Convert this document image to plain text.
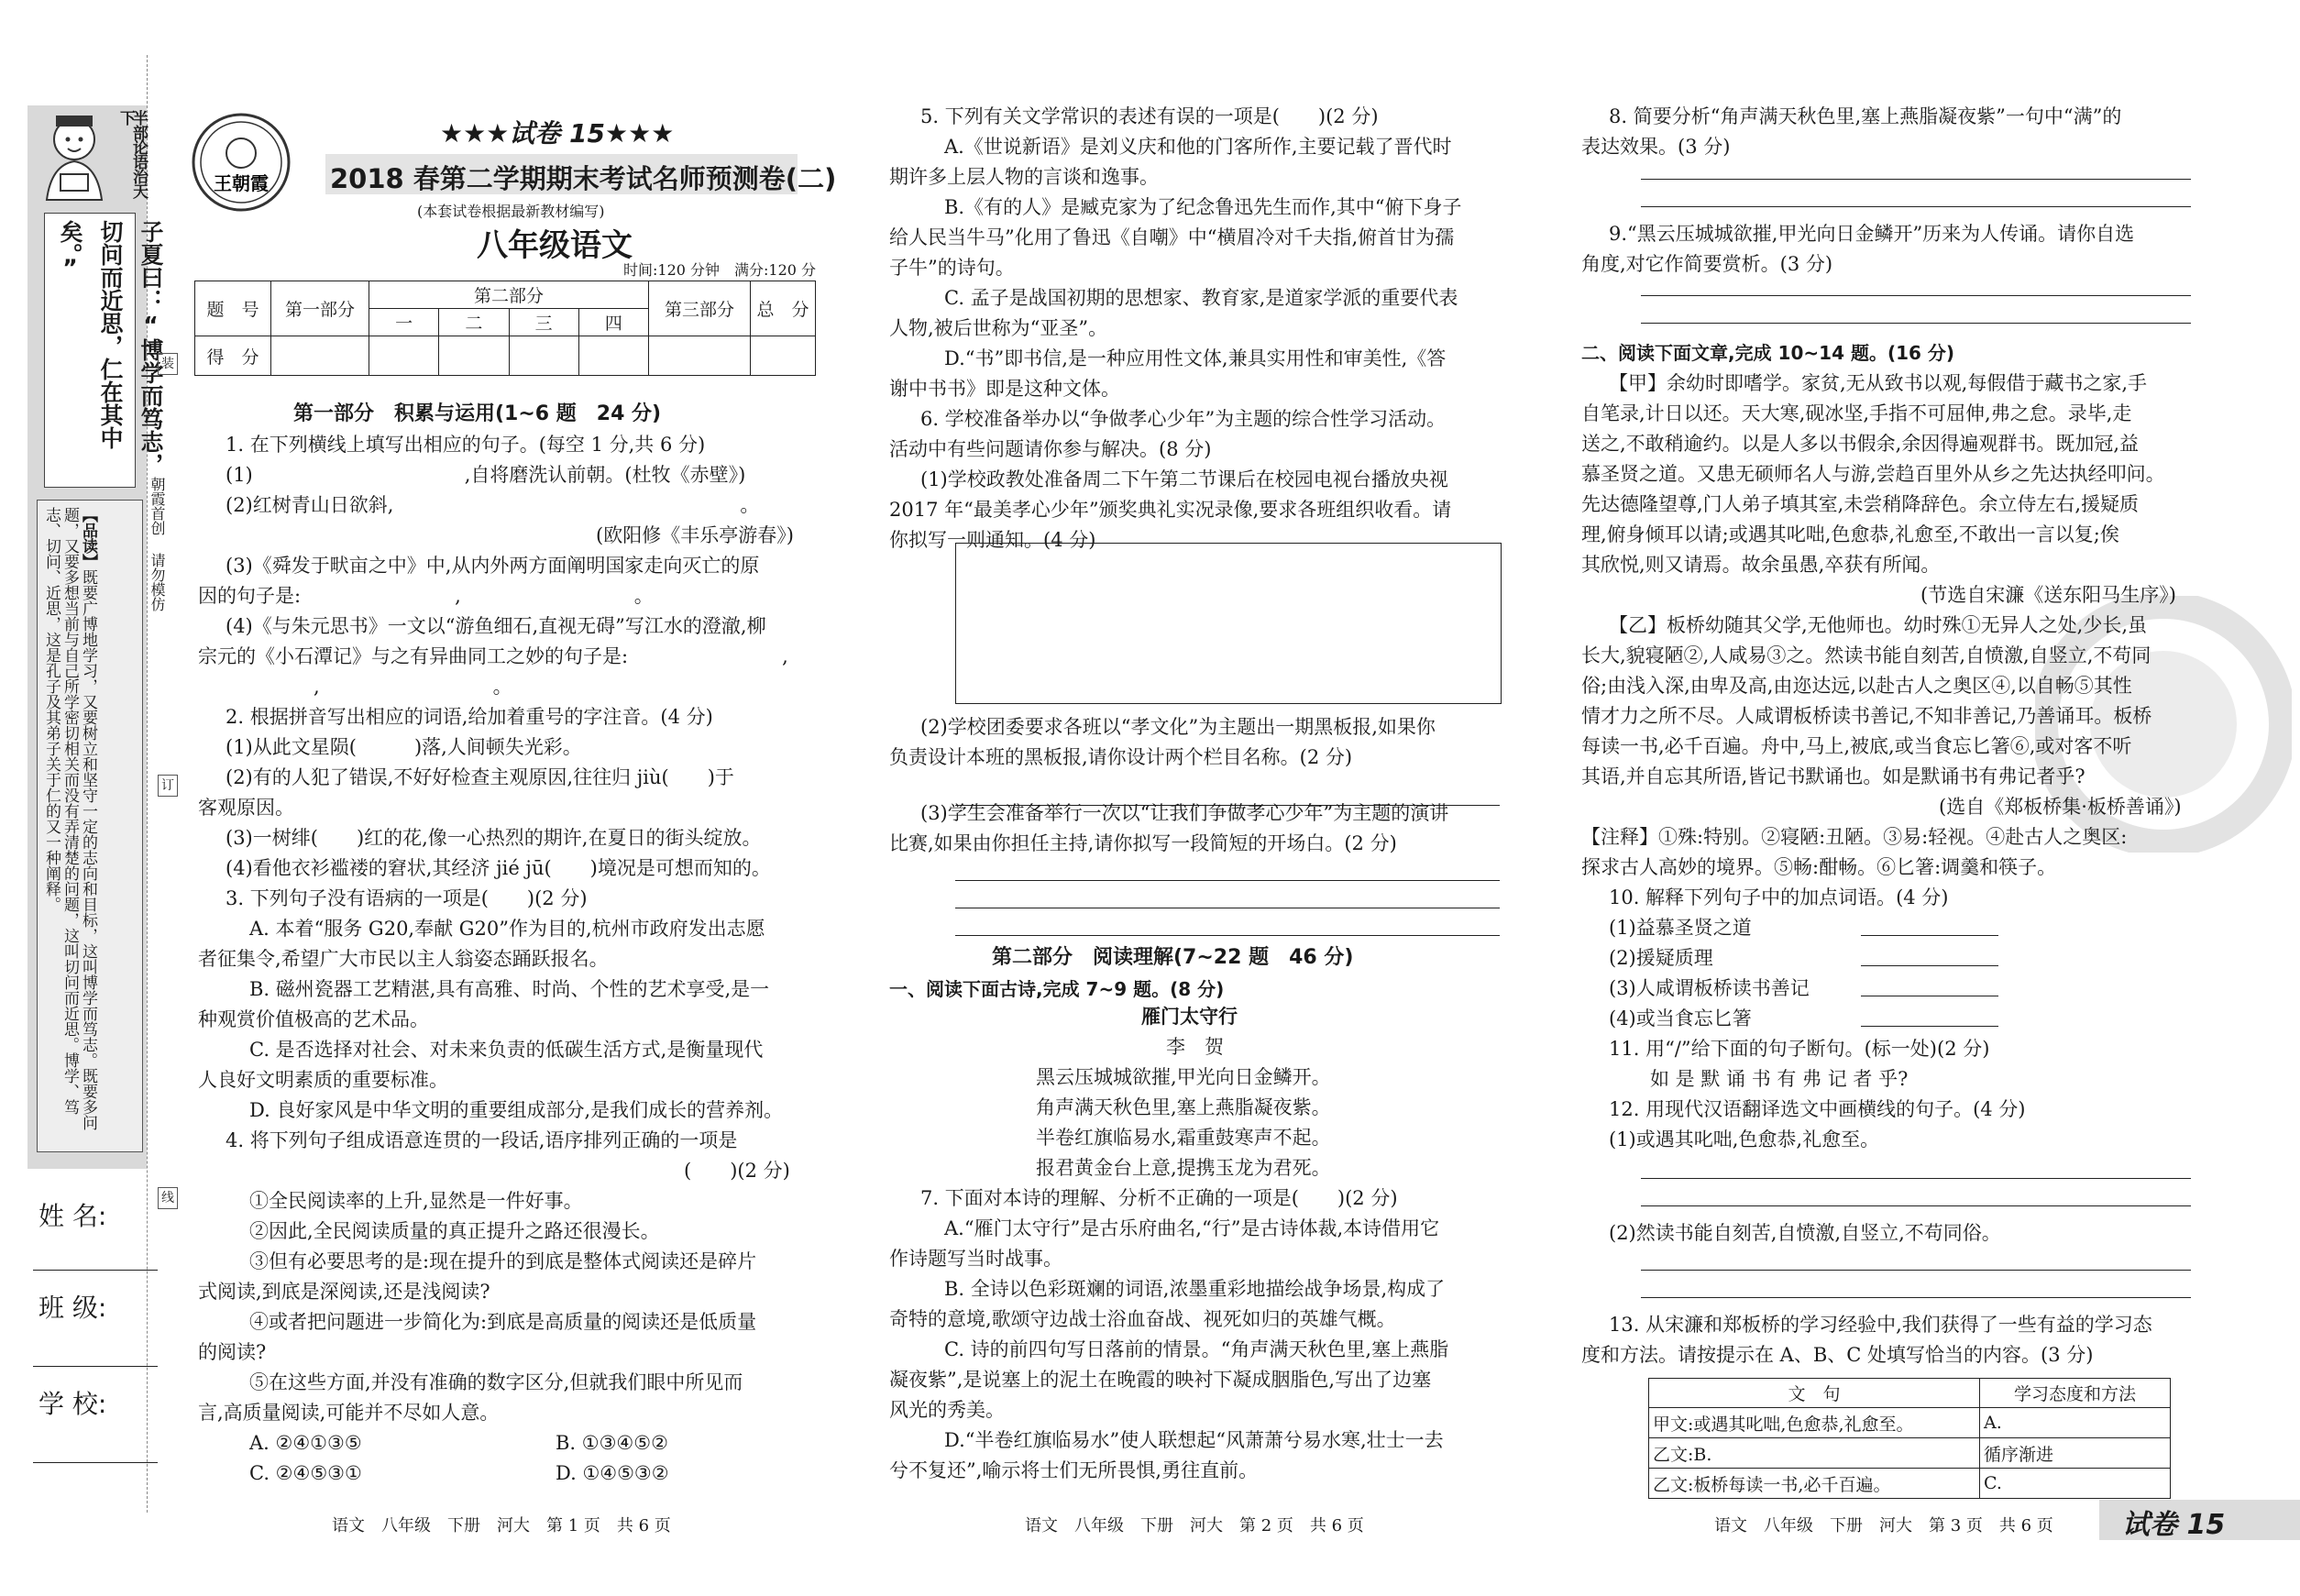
半部论语治天下
子夏曰：“博学而笃志，切问而近思，仁在其中矣。”
【品读】既要广博地学习，又要树立和坚守一定的志向和目标，这叫博学而笃志。既要多问题，又要多想当前与自己所学密切相关而没有弄清楚的问题，这叫切问而近思。博学、笃志、切问、近思，这是孔子及其弟子关于仁的又一种阐释。
装
订
线
朝霞首创 请勿模仿
姓 名:
班 级:
学 校:
王朝霞
★★★试卷 15★★★
2018 春第二学期期末考试名师预测卷(二)
(本套试卷根据最新教材编写)
八年级语文
时间:120 分钟　满分:120 分
题　号	第一部分	第二部分				第三部分	总　分
		一	二	三	四		
得　分							
第一部分　积累与运用(1~6 题　24 分)
1. 在下列横线上填写出相应的句子。(每空 1 分,共 6 分)
(1)　　　　　　　　　　　,自将磨洗认前朝。(杜牧《赤壁》)
(2)红树青山日欲斜,　　　　　　　　　　　　　　　　　　。
(欧阳修《丰乐亭游春》)
(3)《舜发于畎亩之中》中,从内外两方面阐明国家走向灭亡的原
因的句子是:　　　　　　　　,　　　　　　　　　。
(4)《与朱元思书》一文以“游鱼细石,直视无碍”写江水的澄澈,柳
宗元的《小石潭记》与之有异曲同工之妙的句子是:　　　　　　　　,
　　　　　　,　　　　　　　　　。
2. 根据拼音写出相应的词语,给加着重号的字注音。(4 分)
(1)从此文星陨(　　　)落,人间顿失光彩。
(2)有的人犯了错误,不好好检查主观原因,往往归 jiù(　　)于
客观原因。
(3)一树绯(　　)红的花,像一心热烈的期许,在夏日的街头绽放。
(4)看他衣衫褴褛的窘状,其经济 jié jū(　　)境况是可想而知的。
3. 下列句子没有语病的一项是(　　)(2 分)
A. 本着“服务 G20,奉献 G20”作为目的,杭州市政府发出志愿
者征集令,希望广大市民以主人翁姿态踊跃报名。
B. 磁州瓷器工艺精湛,具有高雅、时尚、个性的艺术享受,是一
种观赏价值极高的艺术品。
C. 是否选择对社会、对未来负责的低碳生活方式,是衡量现代
人良好文明素质的重要标准。
D. 良好家风是中华文明的重要组成部分,是我们成长的营养剂。
4. 将下列句子组成语意连贯的一段话,语序排列正确的一项是
(　　)(2 分)
①全民阅读率的上升,显然是一件好事。
②因此,全民阅读质量的真正提升之路还很漫长。
③但有必要思考的是:现在提升的到底是整体式阅读还是碎片
式阅读,到底是深阅读,还是浅阅读?
④或者把问题进一步简化为:到底是高质量的阅读还是低质量
的阅读?
⑤在这些方面,并没有准确的数字区分,但就我们眼中所见而
言,高质量阅读,可能并不尽如人意。
A. ②④①③⑤	B. ①③④⑤②
C. ②④⑤③①	D. ①④⑤③②
5. 下列有关文学常识的表述有误的一项是(　　)(2 分)
A.《世说新语》是刘义庆和他的门客所作,主要记载了晋代时
期许多上层人物的言谈和逸事。
B.《有的人》是臧克家为了纪念鲁迅先生而作,其中“俯下身子
给人民当牛马”化用了鲁迅《自嘲》中“横眉冷对千夫指,俯首甘为孺
子牛”的诗句。
C. 孟子是战国初期的思想家、教育家,是道家学派的重要代表
人物,被后世称为“亚圣”。
D.“书”即书信,是一种应用性文体,兼具实用性和审美性,《答
谢中书书》即是这种文体。
6. 学校准备举办以“争做孝心少年”为主题的综合性学习活动。
活动中有些问题请你参与解决。(8 分)
(1)学校政教处准备周二下午第二节课后在校园电视台播放央视
2017 年“最美孝心少年”颁奖典礼实况录像,要求各班组织收看。请
你拟写一则通知。(4 分)
(2)学校团委要求各班以“孝文化”为主题出一期黑板报,如果你
负责设计本班的黑板报,请你设计两个栏目名称。(2 分)
(3)学生会准备举行一次以“让我们争做孝心少年”为主题的演讲
比赛,如果由你担任主持,请你拟写一段简短的开场白。(2 分)
第二部分　阅读理解(7~22 题　46 分)
一、阅读下面古诗,完成 7~9 题。(8 分)
雁门太守行
李　贺
黑云压城城欲摧,甲光向日金鳞开。
角声满天秋色里,塞上燕脂凝夜紫。
半卷红旗临易水,霜重鼓寒声不起。
报君黄金台上意,提携玉龙为君死。
7. 下面对本诗的理解、分析不正确的一项是(　　)(2 分)
A.“雁门太守行”是古乐府曲名,“行”是古诗体裁,本诗借用它
作诗题写当时战事。
B. 全诗以色彩斑斓的词语,浓墨重彩地描绘战争场景,构成了
奇特的意境,歌颂守边战士浴血奋战、视死如归的英雄气概。
C. 诗的前四句写日落前的情景。“角声满天秋色里,塞上燕脂
凝夜紫”,是说塞上的泥土在晚霞的映衬下凝成胭脂色,写出了边塞
风光的秀美。
D.“半卷红旗临易水”使人联想起“风萧萧兮易水寒,壮士一去
兮不复还”,喻示将士们无所畏惧,勇往直前。
8. 简要分析“角声满天秋色里,塞上燕脂凝夜紫”一句中“满”的
表达效果。(3 分)
9.“黑云压城城欲摧,甲光向日金鳞开”历来为人传诵。请你自选
角度,对它作简要赏析。(3 分)
二、阅读下面文章,完成 10~14 题。(16 分)
【甲】余幼时即嗜学。家贫,无从致书以观,每假借于藏书之家,手
自笔录,计日以还。天大寒,砚冰坚,手指不可屈伸,弗之怠。录毕,走
送之,不敢稍逾约。以是人多以书假余,余因得遍观群书。既加冠,益
慕圣贤之道。又患无硕师名人与游,尝趋百里外从乡之先达执经叩问。
先达德隆望尊,门人弟子填其室,未尝稍降辞色。余立侍左右,援疑质
理,俯身倾耳以请;或遇其叱咄,色愈恭,礼愈至,不敢出一言以复;俟
其欣悦,则又请焉。故余虽愚,卒获有所闻。
(节选自宋濂《送东阳马生序》)
【乙】板桥幼随其父学,无他师也。幼时殊①无异人之处,少长,虽
长大,貌寝陋②,人咸易③之。然读书能自刻苦,自愤激,自竖立,不苟同
俗;由浅入深,由卑及高,由迩达远,以赴古人之奥区④,以自畅⑤其性
情才力之所不尽。人咸谓板桥读书善记,不知非善记,乃善诵耳。板桥
每读一书,必千百遍。舟中,马上,被底,或当食忘匕箸⑥,或对客不听
其语,并自忘其所语,皆记书默诵也。如是默诵书有弗记者乎?
(选自《郑板桥集·板桥善诵》)
【注释】①殊:特别。②寝陋:丑陋。③易:轻视。④赴古人之奥区:
探求古人高妙的境界。⑤畅:酣畅。⑥匕箸:调羹和筷子。
10. 解释下列句子中的加点词语。(4 分)
(1)益慕圣贤之道
(2)援疑质理
(3)人咸谓板桥读书善记
(4)或当食忘匕箸
11. 用“/”给下面的句子断句。(标一处)(2 分)
如 是 默 诵 书 有 弗 记 者 乎?
12. 用现代汉语翻译选文中画横线的句子。(4 分)
(1)或遇其叱咄,色愈恭,礼愈至。
(2)然读书能自刻苦,自愤激,自竖立,不苟同俗。
13. 从宋濂和郑板桥的学习经验中,我们获得了一些有益的学习态
度和方法。请按提示在 A、B、C 处填写恰当的内容。(3 分)
文　句	学习态度和方法
甲文:或遇其叱咄,色愈恭,礼愈至。	A.
乙文:B.	循序渐进
乙文:板桥每读一书,必千百遍。	C.
语文　八年级　下册　河大　第 1 页　共 6 页	语文　八年级　下册　河大　第 2 页　共 6 页	语文　八年级　下册　河大　第 3 页　共 6 页	试卷 15
